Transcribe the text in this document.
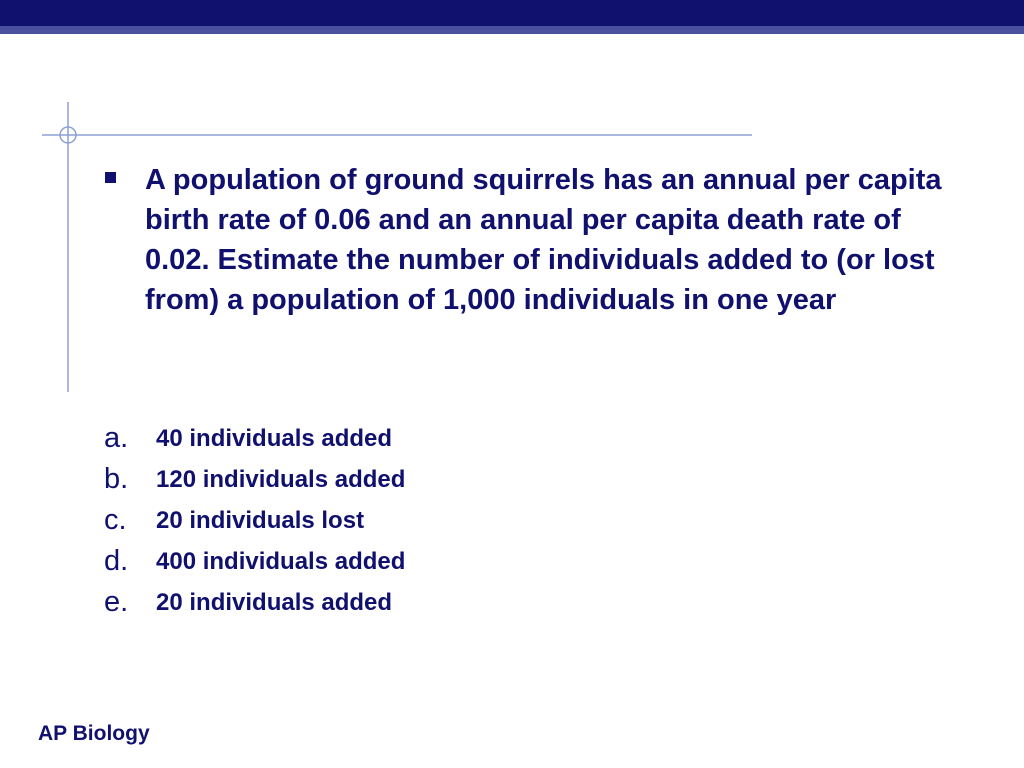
A population of ground squirrels has an annual per capita birth rate of 0.06 and an annual per capita death rate of 0.02. Estimate the number of individuals added to (or lost from) a population of 1,000 individuals in one year
a.	40 individuals added
b.	120 individuals added
c.	20 individuals lost
d.	400 individuals added
e.	20 individuals added
AP Biology
